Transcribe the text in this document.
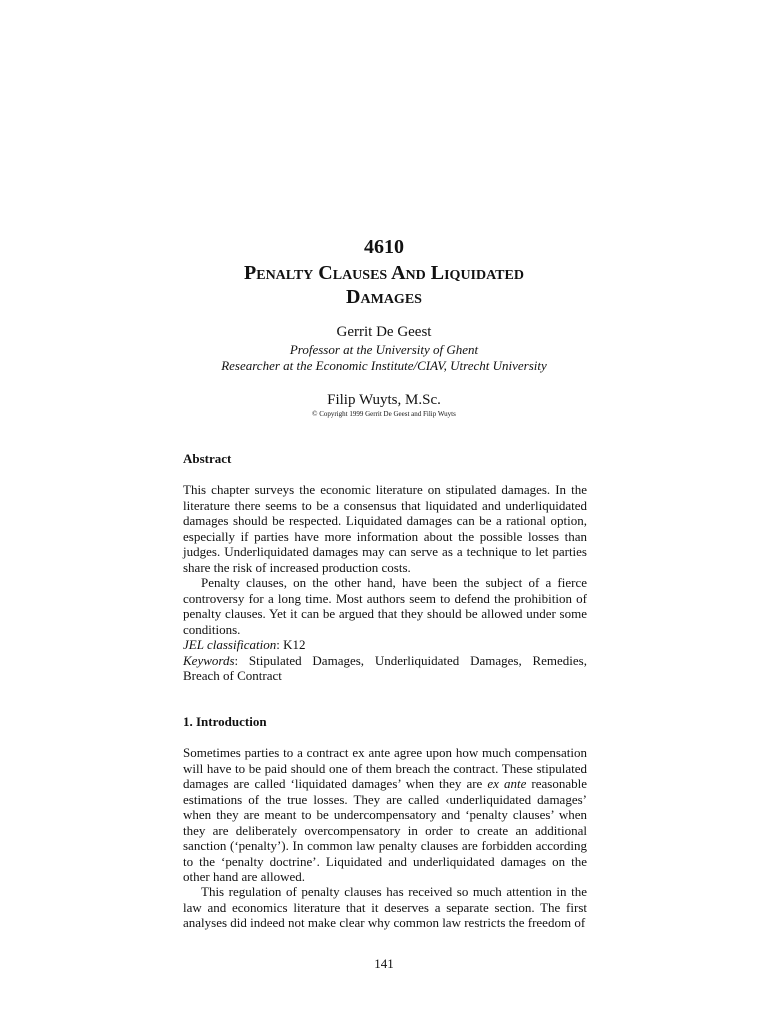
4610
Penalty Clauses And Liquidated
Damages
Gerrit De Geest
Professor at the University of Ghent
Researcher at the Economic Institute/CIAV, Utrecht University
Filip Wuyts, M.Sc.
© Copyright 1999 Gerrit De Geest and Filip Wuyts
Abstract

This chapter surveys the economic literature on stipulated damages. In the literature there seems to be a consensus that liquidated and underliquidated damages should be respected. Liquidated damages can be a rational option, especially if parties have more information about the possible losses than judges. Underliquidated damages may can serve as a technique to let parties share the risk of increased production costs.

Penalty clauses, on the other hand, have been the subject of a fierce controversy for a long time. Most authors seem to defend the prohibition of penalty clauses. Yet it can be argued that they should be allowed under some conditions.

JEL classification: K12

Keywords: Stipulated Damages, Underliquidated Damages, Remedies, Breach of Contract

1. Introduction

Sometimes parties to a contract ex ante agree upon how much compensation will have to be paid should one of them breach the contract. These stipulated damages are called ‘liquidated damages’ when they are ex ante reasonable estimations of the true losses. They are called ‹underliquidated damages’ when they are meant to be undercompensatory and ‘penalty clauses’ when they are deliberately overcompensatory in order to create an additional sanction (‘penalty’). In common law penalty clauses are forbidden according to the ‘penalty doctrine’. Liquidated and underliquidated damages on the other hand are allowed.

This regulation of penalty clauses has received so much attention in the law and economics literature that it deserves a separate section. The first analyses did indeed not make clear why common law restricts the freedom of

141
